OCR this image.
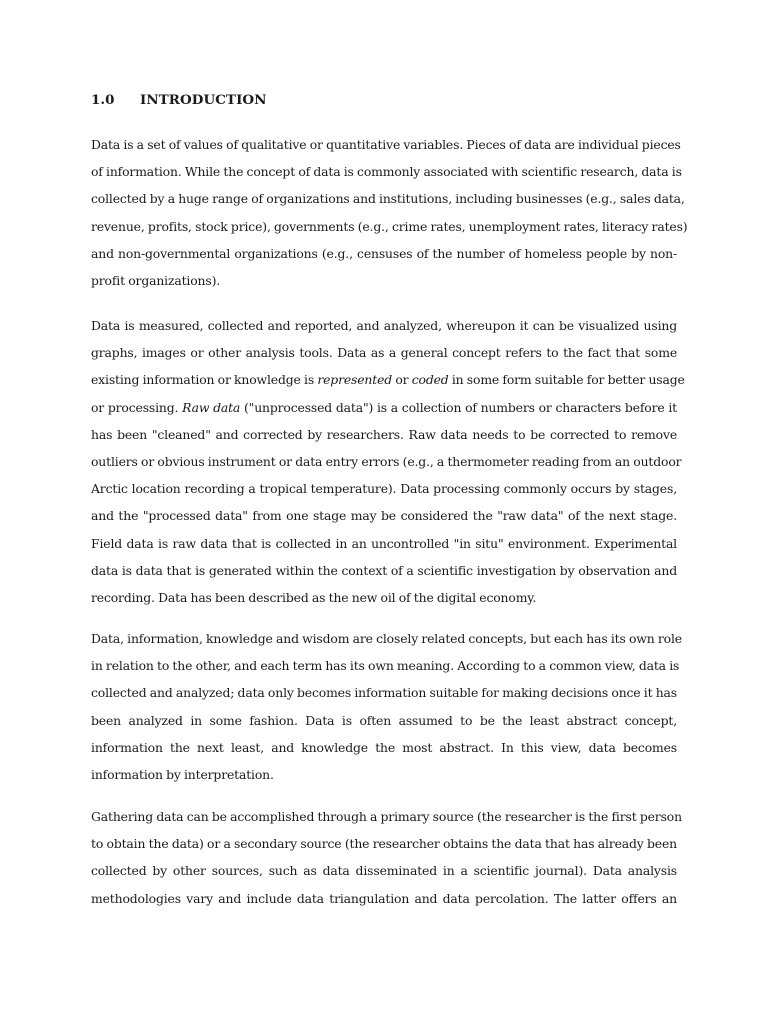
1.0	INTRODUCTION

Data is a set of values of qualitative or quantitative variables. Pieces of data are individual pieces
of information. While the concept of data is commonly associated with scientific research, data is
collected by a huge range of organizations and institutions, including businesses (e.g., sales data,
revenue, profits, stock price), governments (e.g., crime rates, unemployment rates, literacy rates)
and non-governmental organizations (e.g., censuses of the number of homeless people by non-
profit organizations).

Data is measured, collected and reported, and analyzed, whereupon it can be visualized using
graphs, images or other analysis tools. Data as a general concept refers to the fact that some
existing information or knowledge is represented or coded in some form suitable for better usage
or processing. Raw data ("unprocessed data") is a collection of numbers or characters before it
has been "cleaned" and corrected by researchers. Raw data needs to be corrected to remove
outliers or obvious instrument or data entry errors (e.g., a thermometer reading from an outdoor
Arctic location recording a tropical temperature). Data processing commonly occurs by stages,
and the "processed data" from one stage may be considered the "raw data" of the next stage.
Field data is raw data that is collected in an uncontrolled "in situ" environment. Experimental
data is data that is generated within the context of a scientific investigation by observation and
recording. Data has been described as the new oil of the digital economy.

Data, information, knowledge and wisdom are closely related concepts, but each has its own role
in relation to the other, and each term has its own meaning. According to a common view, data is
collected and analyzed; data only becomes information suitable for making decisions once it has
been analyzed in some fashion. Data is often assumed to be the least abstract concept,
information the next least, and knowledge the most abstract. In this view, data becomes
information by interpretation.

Gathering data can be accomplished through a primary source (the researcher is the first person
to obtain the data) or a secondary source (the researcher obtains the data that has already been
collected by other sources, such as data disseminated in a scientific journal). Data analysis
methodologies vary and include data triangulation and data percolation. The latter offers an
